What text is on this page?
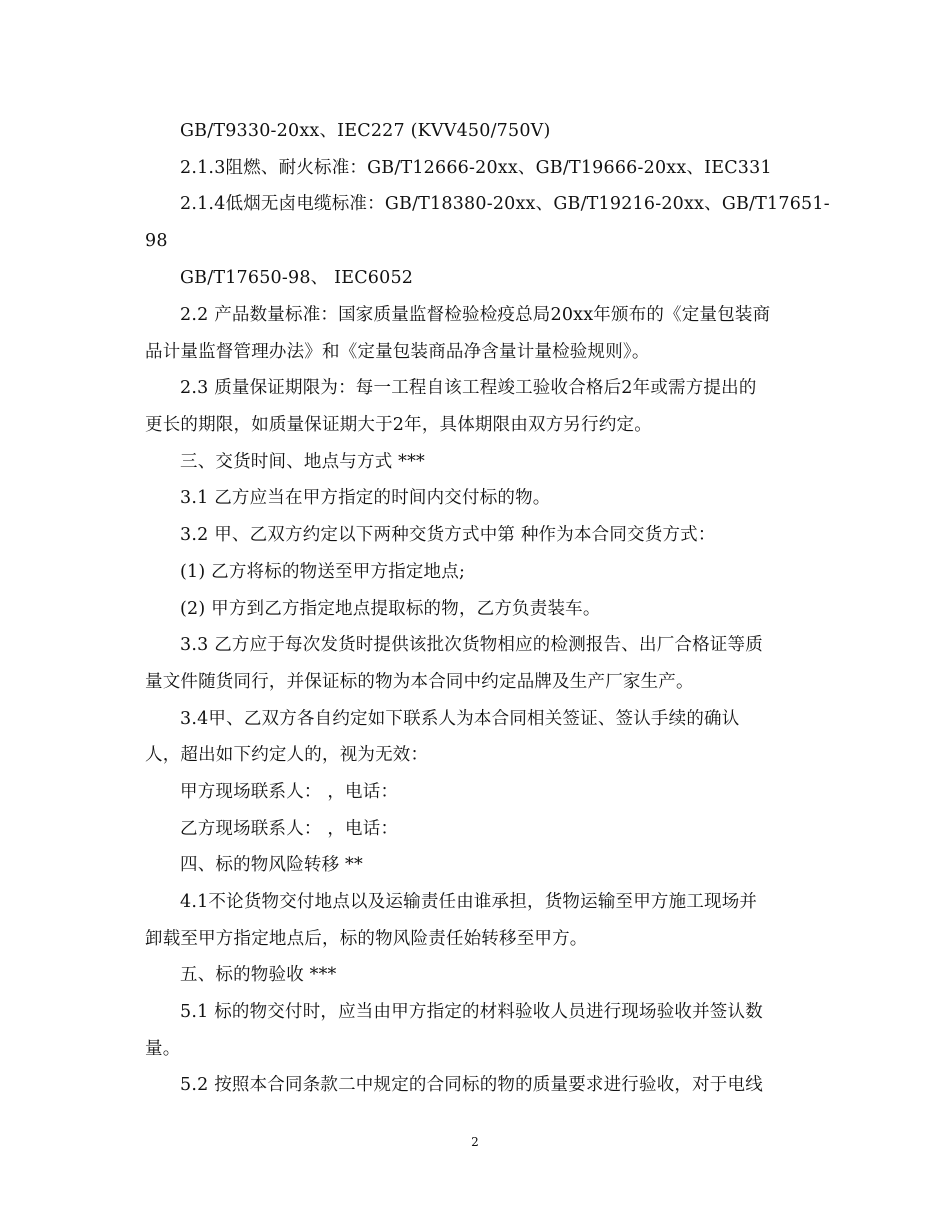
GB/T9330-20xx、IEC227 (KVV450/750V)
2.1.3阻燃、耐火标准：GB/T12666-20xx、GB/T19666-20xx、IEC331
2.1.4低烟无卤电缆标准：GB/T18380-20xx、GB/T19216-20xx、GB/T17651-
98
GB/T17650-98、 IEC6052
2.2 产品数量标准：国家质量监督检验检疫总局20xx年颁布的《定量包装商
品计量监督管理办法》和《定量包装商品净含量计量检验规则》。
2.3 质量保证期限为：每一工程自该工程竣工验收合格后2年或需方提出的
更长的期限，如质量保证期大于2年，具体期限由双方另行约定。
三、交货时间、地点与方式 ***
3.1 乙方应当在甲方指定的时间内交付标的物。
3.2 甲、乙双方约定以下两种交货方式中第 种作为本合同交货方式：
(1) 乙方将标的物送至甲方指定地点;
(2) 甲方到乙方指定地点提取标的物，乙方负责装车。
3.3 乙方应于每次发货时提供该批次货物相应的检测报告、出厂合格证等质
量文件随货同行，并保证标的物为本合同中约定品牌及生产厂家生产。
3.4甲、乙双方各自约定如下联系人为本合同相关签证、签认手续的确认
人，超出如下约定人的，视为无效：
甲方现场联系人： ，电话：
乙方现场联系人： ，电话：
四、标的物风险转移 **
4.1不论货物交付地点以及运输责任由谁承担，货物运输至甲方施工现场并
卸载至甲方指定地点后，标的物风险责任始转移至甲方。
五、标的物验收 ***
5.1 标的物交付时，应当由甲方指定的材料验收人员进行现场验收并签认数
量。
5.2 按照本合同条款二中规定的合同标的物的质量要求进行验收，对于电线
2
